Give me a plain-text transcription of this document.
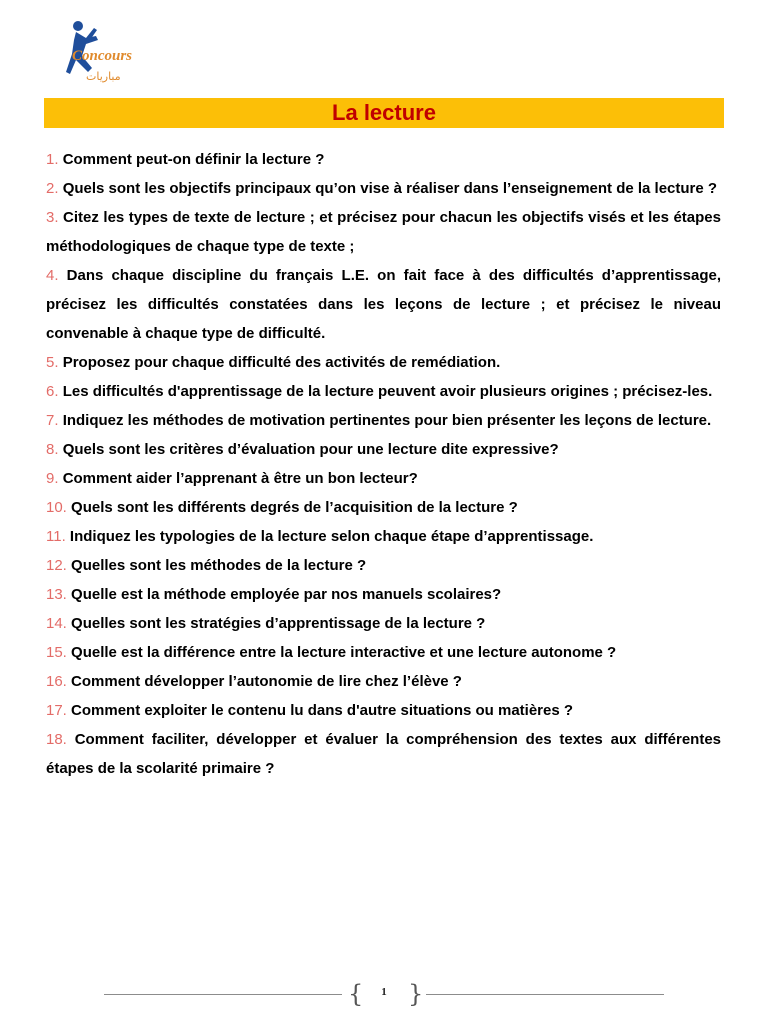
Concours
مباريات
La lecture
1. Comment peut-on définir la lecture ?
2. Quels sont les objectifs principaux qu’on vise à réaliser dans l’enseignement de la lecture ?
3. Citez les types de texte de lecture ; et précisez pour chacun les objectifs visés et les étapes méthodologiques de chaque type de texte ;
4. Dans chaque discipline du français L.E. on fait face à des difficultés d’apprentissage, précisez les difficultés constatées dans les leçons de lecture ; et précisez le niveau convenable à chaque type de difficulté.
5. Proposez pour chaque difficulté des activités de remédiation.
6. Les difficultés d'apprentissage de la lecture peuvent avoir plusieurs origines ; précisez-les.
7. Indiquez les méthodes de motivation pertinentes pour bien présenter les leçons de lecture.
8. Quels sont les critères d’évaluation pour une lecture dite expressive?
9. Comment aider l’apprenant à être un bon lecteur?
10. Quels sont les différents degrés de l’acquisition de la lecture ?
11. Indiquez les typologies de la lecture selon chaque étape d’apprentissage.
12. Quelles sont les méthodes de la lecture ?
13. Quelle est la méthode employée par nos manuels scolaires?
14. Quelles sont les stratégies d’apprentissage de la lecture ?
15. Quelle est la différence entre la lecture interactive et une lecture autonome ?
16. Comment développer l’autonomie de lire chez l’élève ?
17. Comment exploiter le contenu lu dans d'autre situations ou matières ?
18. Comment faciliter, développer et évaluer la compréhension des textes aux différentes étapes de la scolarité primaire ?
{	1 }
